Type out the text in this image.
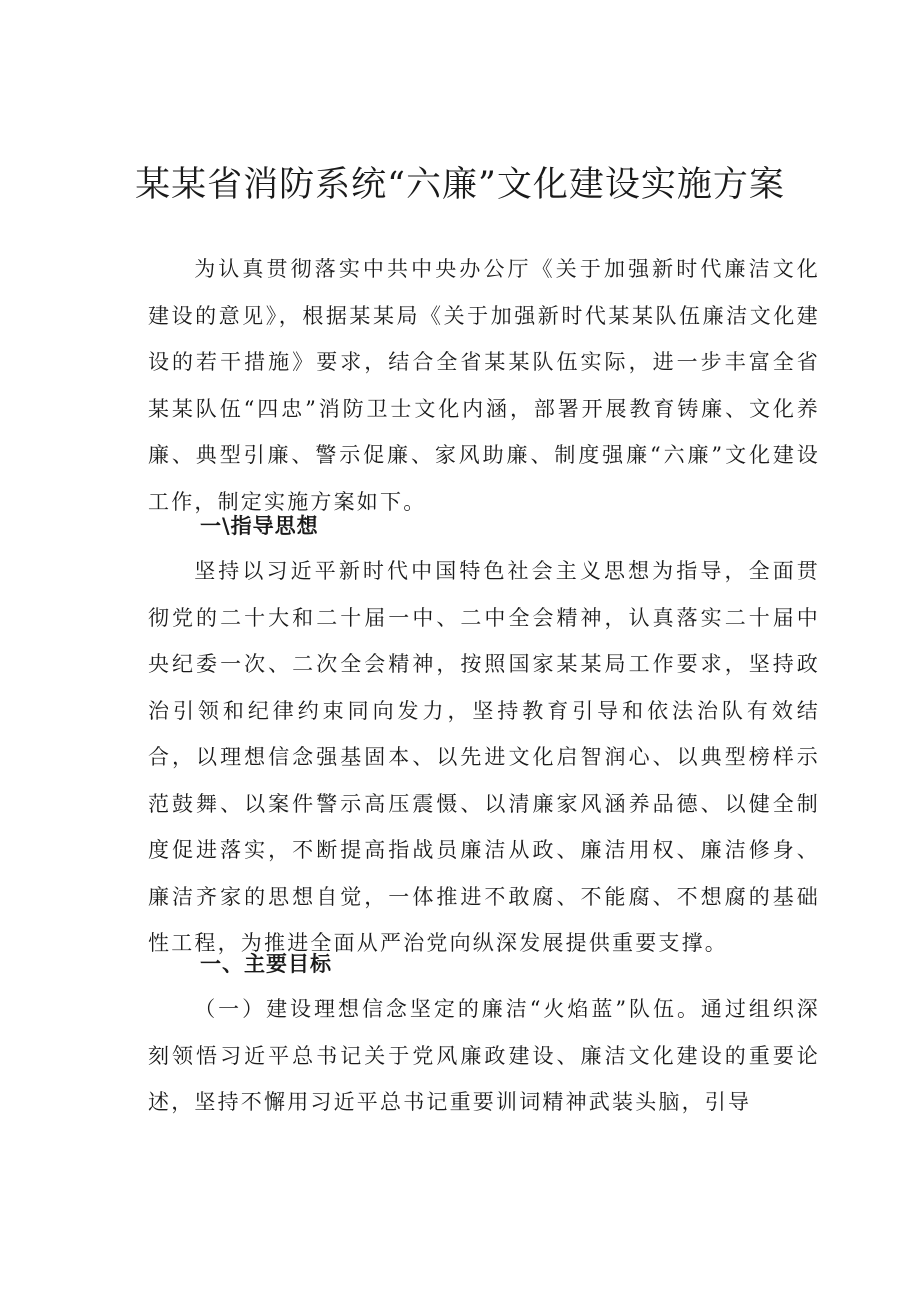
某某省消防系统“六廉”文化建设实施方案

为认真贯彻落实中共中央办公厅《关于加强新时代廉洁文化建设的意见》，根据某某局《关于加强新时代某某队伍廉洁文化建设的若干措施》要求，结合全省某某队伍实际，进一步丰富全省某某队伍“四忠”消防卫士文化内涵，部署开展教育铸廉、文化养廉、典型引廉、警示促廉、家风助廉、制度强廉“六廉”文化建设工作，制定实施方案如下。

一\指导思想

坚持以习近平新时代中国特色社会主义思想为指导，全面贯彻党的二十大和二十届一中、二中全会精神，认真落实二十届中央纪委一次、二次全会精神，按照国家某某局工作要求，坚持政治引领和纪律约束同向发力，坚持教育引导和依法治队有效结合，以理想信念强基固本、以先进文化启智润心、以典型榜样示范鼓舞、以案件警示高压震慑、以清廉家风涵养品德、以健全制度促进落实，不断提高指战员廉洁从政、廉洁用权、廉洁修身、廉洁齐家的思想自觉，一体推进不敢腐、不能腐、不想腐的基础性工程，为推进全面从严治党向纵深发展提供重要支撑。

一、主要目标

（一）建设理想信念坚定的廉洁“火焰蓝”队伍。通过组织深刻领悟习近平总书记关于党风廉政建设、廉洁文化建设的重要论述，坚持不懈用习近平总书记重要训词精神武装头脑，引导
